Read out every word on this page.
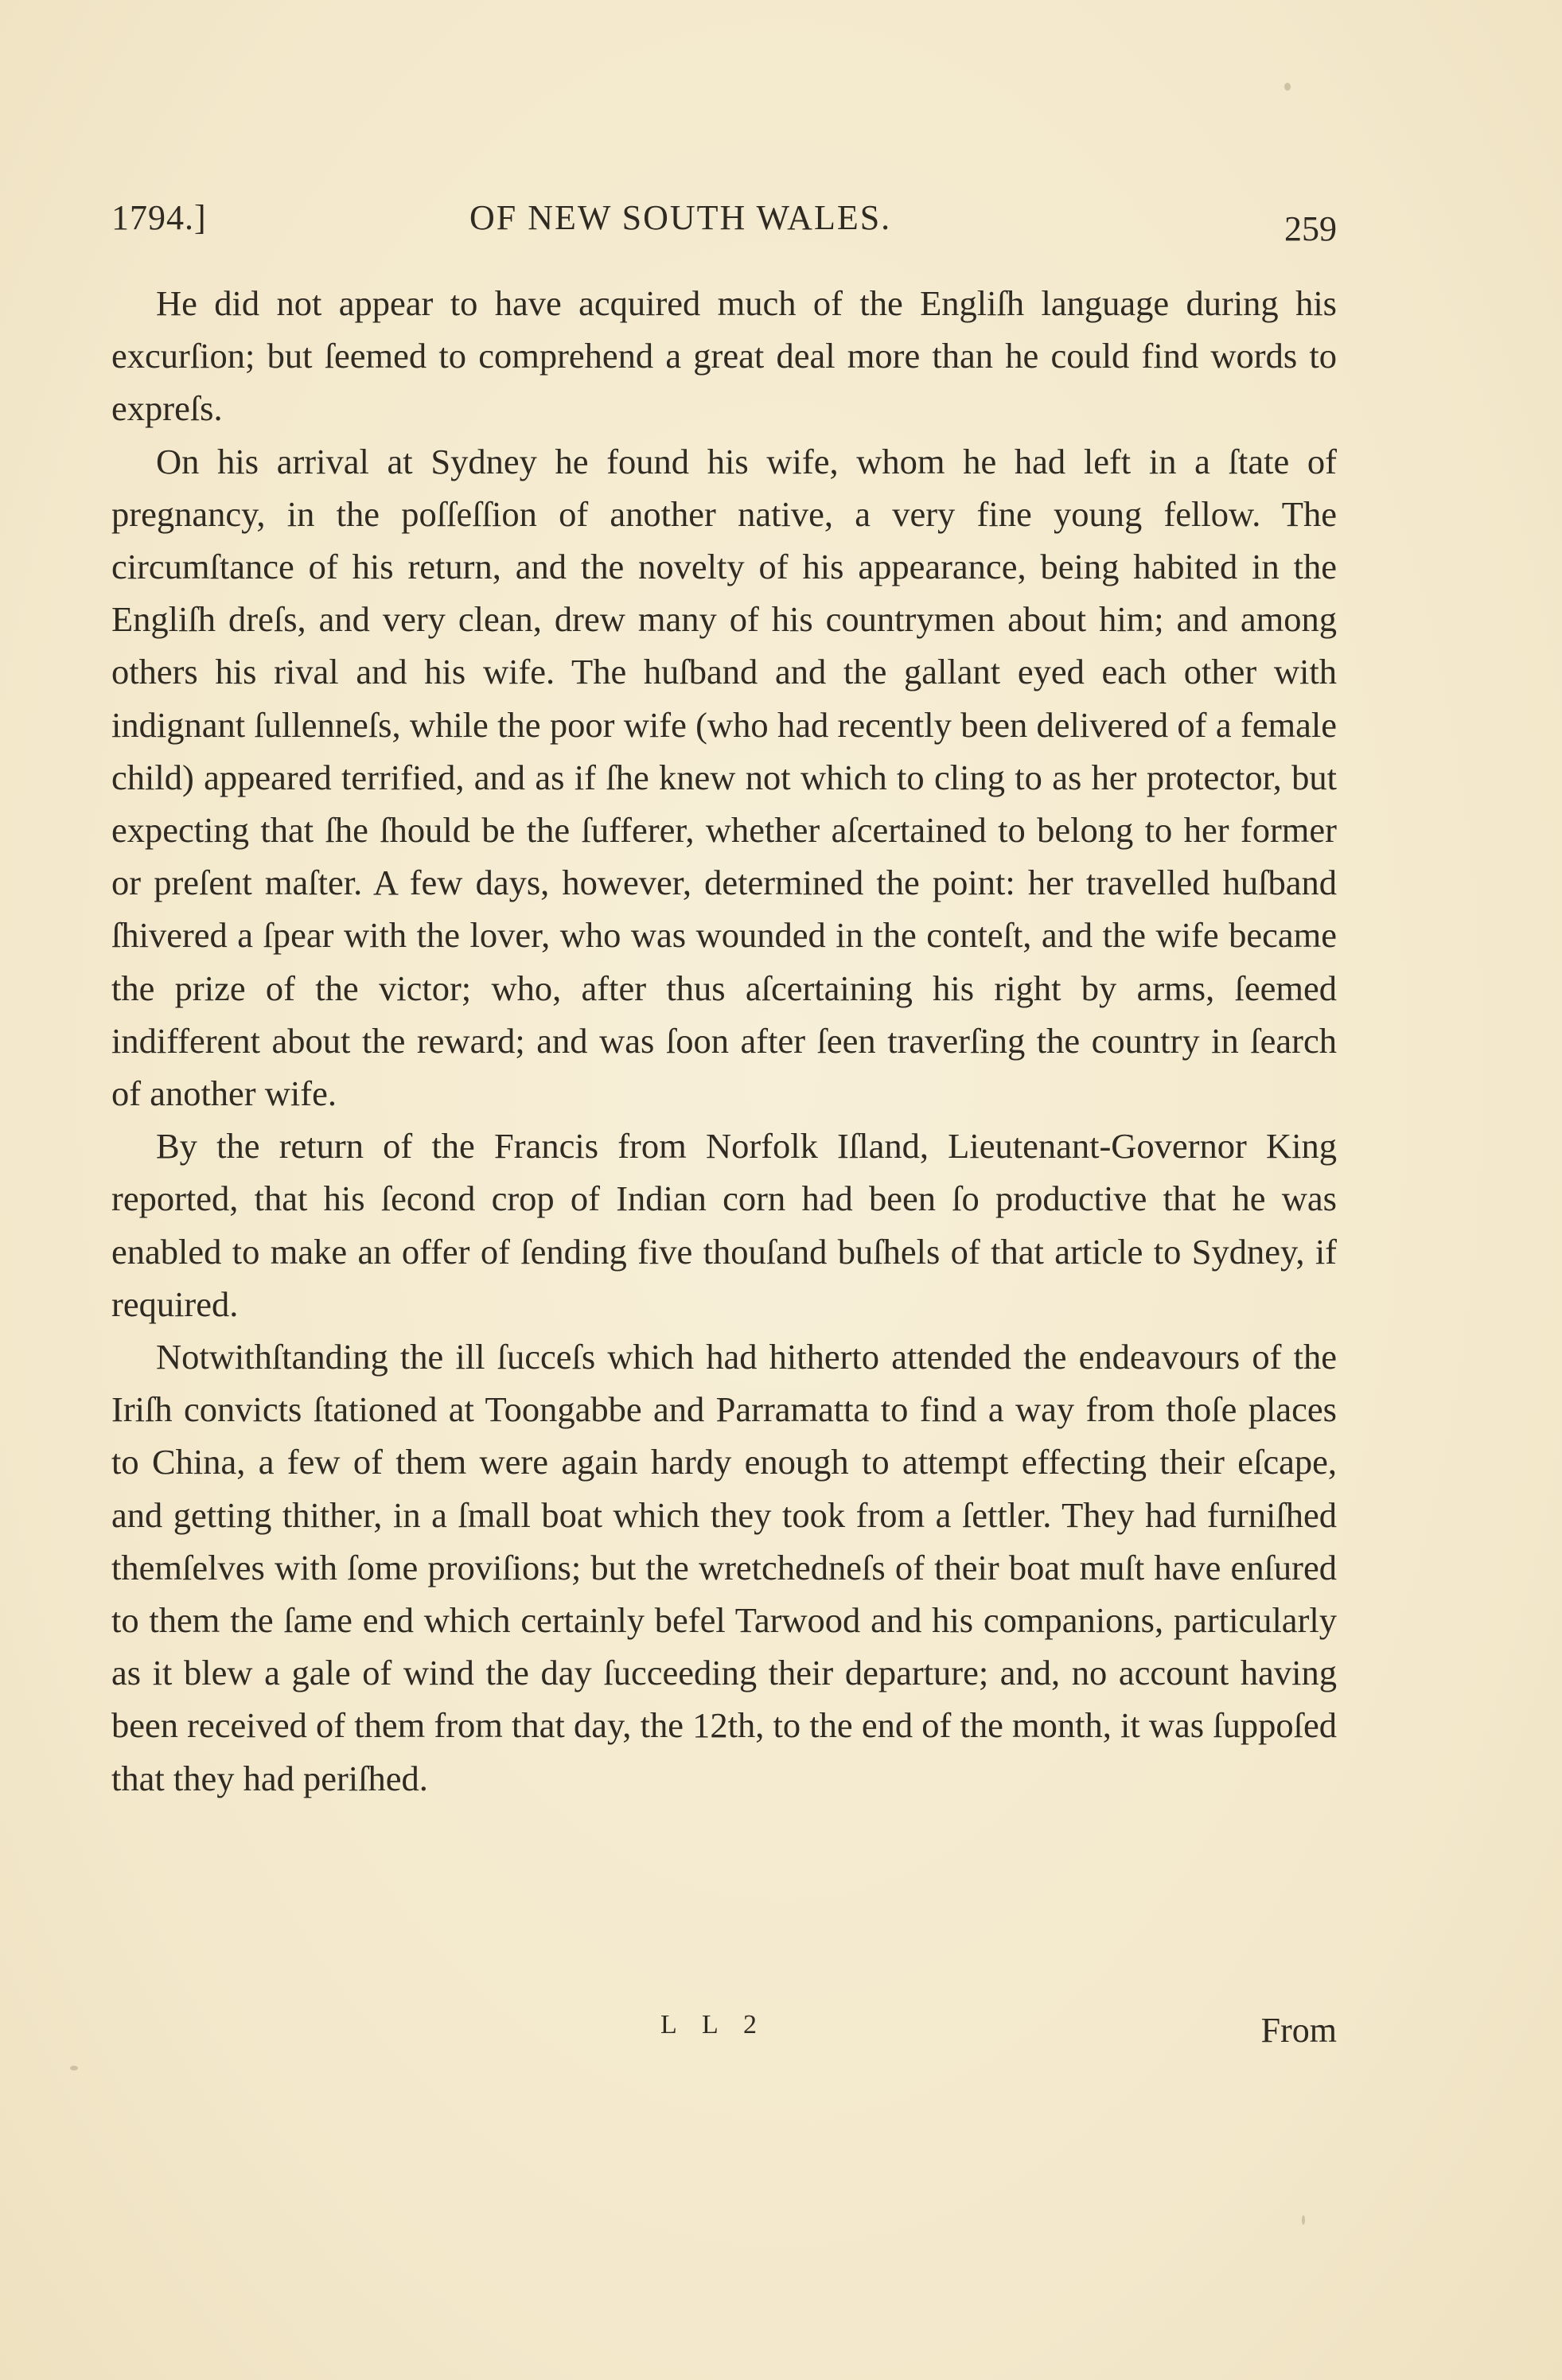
1794.]	OF NEW SOUTH WALES.	259

He did not appear to have acquired much of the Engliſh language during his excurſion; but ſeemed to comprehend a great deal more than he could find words to expreſs.

On his arrival at Sydney he found his wife, whom he had left in a ſtate of pregnancy, in the poſſeſſion of another native, a very fine young fellow. The circumſtance of his return, and the novelty of his appearance, being habited in the Engliſh dreſs, and very clean, drew many of his countrymen about him; and among others his rival and his wife. The huſband and the gallant eyed each other with indignant ſullenneſs, while the poor wife (who had recently been delivered of a female child) appeared terrified, and as if ſhe knew not which to cling to as her protector, but expecting that ſhe ſhould be the ſufferer, whether aſcertained to belong to her former or preſent maſter. A few days, however, determined the point: her travelled huſband ſhivered a ſpear with the lover, who was wounded in the conteſt, and the wife became the prize of the victor; who, after thus aſcertaining his right by arms, ſeemed indifferent about the reward; and was ſoon after ſeen traverſing the country in ſearch of another wife.

By the return of the Francis from Norfolk Iſland, Lieutenant-Governor King reported, that his ſecond crop of Indian corn had been ſo productive that he was enabled to make an offer of ſending five thouſand buſhels of that article to Sydney, if required.

Notwithſtanding the ill ſucceſs which had hitherto attended the endeavours of the Iriſh convicts ſtationed at Toongabbe and Parramatta to find a way from thoſe places to China, a few of them were again hardy enough to attempt effecting their eſcape, and getting thither, in a ſmall boat which they took from a ſettler. They had furniſhed themſelves with ſome proviſions; but the wretchedneſs of their boat muſt have enſured to them the ſame end which certainly befel Tarwood and his companions, particularly as it blew a gale of wind the day ſucceeding their departure; and, no account having been received of them from that day, the 12th, to the end of the month, it was ſuppoſed that they had periſhed.

L L 2	From
